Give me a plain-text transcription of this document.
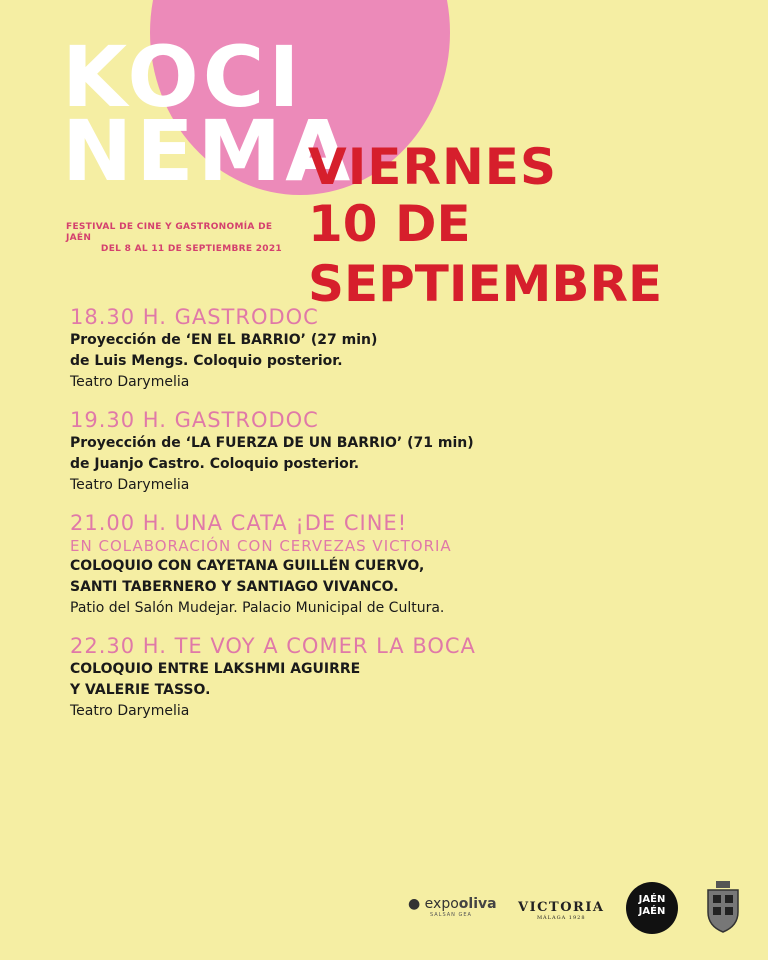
KOCI
NEMA
FESTIVAL DE CINE Y GASTRONOMÍA DE JAÉN
DEL 8 AL 11 DE SEPTIEMBRE 2021
VIERNES
10 DE SEPTIEMBRE
18.30 H. GASTRODOC
Proyección de ‘EN EL BARRIO’ (27 min)
de Luis Mengs. Coloquio posterior.
Teatro Darymelia
19.30 H. GASTRODOC
Proyección de ‘LA FUERZA DE UN BARRIO’ (71 min)
de Juanjo Castro. Coloquio posterior.
Teatro Darymelia
21.00 H. UNA CATA ¡DE CINE!
EN COLABORACIÓN CON CERVEZAS VICTORIA
COLOQUIO CON CAYETANA GUILLÉN CUERVO,
SANTI TABERNERO Y SANTIAGO VIVANCO.
Patio del Salón Mudejar. Palacio Municipal de Cultura.
22.30 H. TE VOY A COMER LA BOCA
COLOQUIO ENTRE LAKSHMI AGUIRRE
Y VALERIE TASSO.
Teatro Darymelia
● expooliva
SALSAN GEA	VICTORIA
MÁLAGA 1928
JAÉN
JAÉN
